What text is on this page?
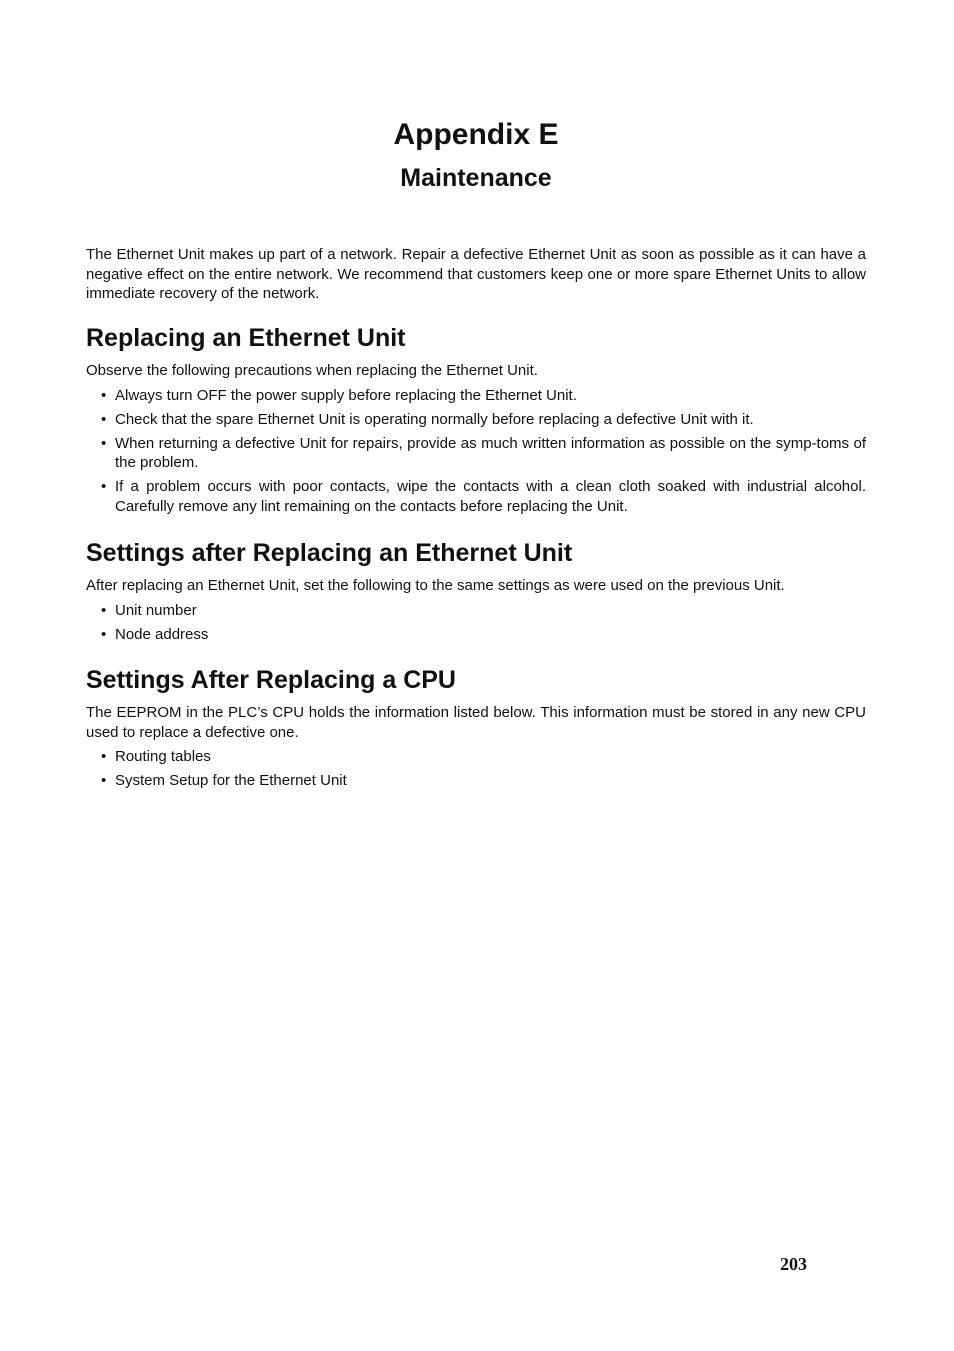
Appendix E
Maintenance

The Ethernet Unit makes up part of a network. Repair a defective Ethernet Unit as soon as possible as it can have a negative effect on the entire network. We recommend that customers keep one or more spare Ethernet Units to allow immediate recovery of the network.

Replacing an Ethernet Unit

Observe the following precautions when replacing the Ethernet Unit.

• Always turn OFF the power supply before replacing the Ethernet Unit.
• Check that the spare Ethernet Unit is operating normally before replacing a defective Unit with it.
• When returning a defective Unit for repairs, provide as much written information as possible on the symp-toms of the problem.
• If a problem occurs with poor contacts, wipe the contacts with a clean cloth soaked with industrial alcohol. Carefully remove any lint remaining on the contacts before replacing the Unit.
Settings after Replacing an Ethernet Unit

After replacing an Ethernet Unit, set the following to the same settings as were used on the previous Unit.

• Unit number
• Node address
Settings After Replacing a CPU

The EEPROM in the PLC’s CPU holds the information listed below. This information must be stored in any new CPU used to replace a defective one.

• Routing tables
• System Setup for the Ethernet Unit
203
